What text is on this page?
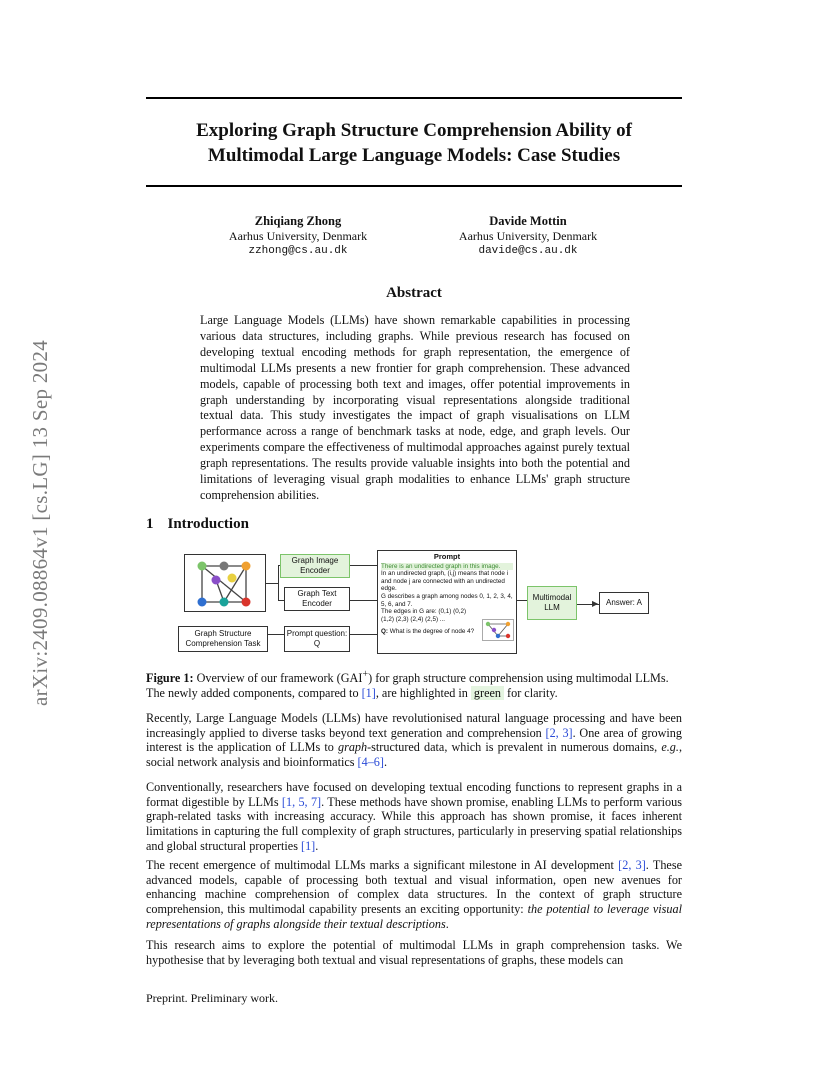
arXiv:2409.08864v1 [cs.LG] 13 Sep 2024
Exploring Graph Structure Comprehension Ability of
Multimodal Large Language Models: Case Studies
Zhiqiang Zhong
Aarhus University, Denmark
zzhong@cs.au.dk
Davide Mottin
Aarhus University, Denmark
davide@cs.au.dk
Abstract
Large Language Models (LLMs) have shown remarkable capabilities in processing various data structures, including graphs. While previous research has focused on developing textual encoding methods for graph representation, the emergence of multimodal LLMs presents a new frontier for graph comprehension. These advanced models, capable of processing both text and images, offer potential improvements in graph understanding by incorporating visual representations alongside traditional textual data. This study investigates the impact of graph visualisations on LLM performance across a range of benchmark tasks at node, edge, and graph levels. Our experiments compare the effectiveness of multimodal approaches against purely textual graph representations. The results provide valuable insights into both the potential and limitations of leveraging visual graph modalities to enhance LLMs' graph structure comprehension abilities.
1 Introduction
▶
Graph Image Encoder
Graph Text Encoder
Graph Structure Comprehension Task
Prompt question: Q
Prompt
There is an undirected graph in this image.
In an undirected graph, (i,j) means that node i and node j are connected with an undirected edge.
G describes a graph among nodes 0, 1, 2, 3, 4, 5, 6, and 7.
The edges in G are: (0,1) (0,2) (1,2) (2,3) (2,4) (2,5) ...
Q: What is the degree of node 4?
Multimodal LLM
Answer: A
Figure 1: Overview of our framework (GAI+) for graph structure comprehension using multimodal LLMs. The newly added components, compared to [1], are highlighted in green for clarity.
Recently, Large Language Models (LLMs) have revolutionised natural language processing and have been increasingly applied to diverse tasks beyond text generation and comprehension [2, 3]. One area of growing interest is the application of LLMs to graph-structured data, which is prevalent in numerous domains, e.g., social network analysis and bioinformatics [4–6].
Conventionally, researchers have focused on developing textual encoding functions to represent graphs in a format digestible by LLMs [1, 5, 7]. These methods have shown promise, enabling LLMs to perform various graph-related tasks with increasing accuracy. While this approach has shown promise, it faces inherent limitations in capturing the full complexity of graph structures, particularly in preserving spatial relationships and global structural properties [1].
The recent emergence of multimodal LLMs marks a significant milestone in AI development [2, 3]. These advanced models, capable of processing both textual and visual information, open new avenues for enhancing machine comprehension of complex data structures. In the context of graph structure comprehension, this multimodal capability presents an exciting opportunity: the potential to leverage visual representations of graphs alongside their textual descriptions.
This research aims to explore the potential of multimodal LLMs in graph comprehension tasks. We hypothesise that by leveraging both textual and visual representations of graphs, these models can
Preprint. Preliminary work.
